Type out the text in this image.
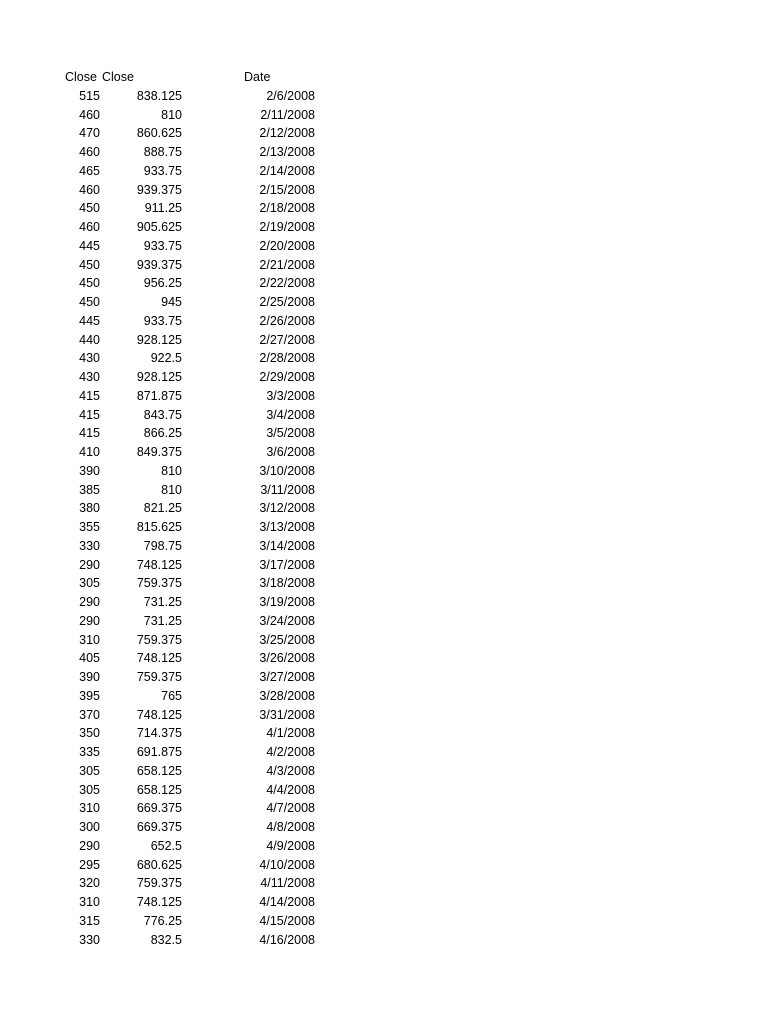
Close Close	Date
515	838.125	2/6/2008
460	810	2/11/2008
470	860.625	2/12/2008
460	888.75	2/13/2008
465	933.75	2/14/2008
460	939.375	2/15/2008
450	911.25	2/18/2008
460	905.625	2/19/2008
445	933.75	2/20/2008
450	939.375	2/21/2008
450	956.25	2/22/2008
450	945	2/25/2008
445	933.75	2/26/2008
440	928.125	2/27/2008
430	922.5	2/28/2008
430	928.125	2/29/2008
415	871.875	3/3/2008
415	843.75	3/4/2008
415	866.25	3/5/2008
410	849.375	3/6/2008
390	810	3/10/2008
385	810	3/11/2008
380	821.25	3/12/2008
355	815.625	3/13/2008
330	798.75	3/14/2008
290	748.125	3/17/2008
305	759.375	3/18/2008
290	731.25	3/19/2008
290	731.25	3/24/2008
310	759.375	3/25/2008
405	748.125	3/26/2008
390	759.375	3/27/2008
395	765	3/28/2008
370	748.125	3/31/2008
350	714.375	4/1/2008
335	691.875	4/2/2008
305	658.125	4/3/2008
305	658.125	4/4/2008
310	669.375	4/7/2008
300	669.375	4/8/2008
290	652.5	4/9/2008
295	680.625	4/10/2008
320	759.375	4/11/2008
310	748.125	4/14/2008
315	776.25	4/15/2008
330	832.5	4/16/2008
